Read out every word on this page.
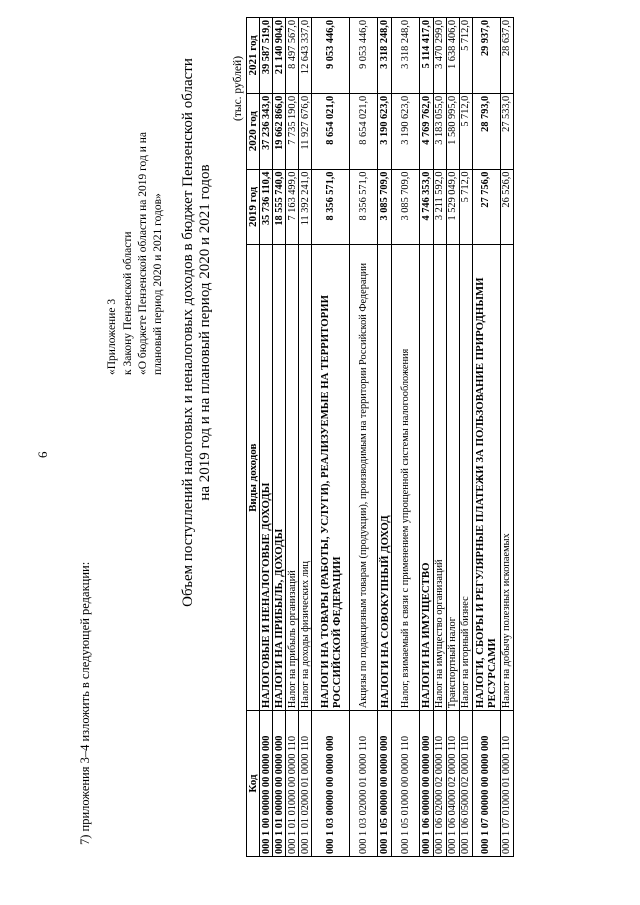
6
7) приложения 3–4 изложить в следующей редакции:
«Приложение 3 к Закону Пензенской области «О бюджете Пензенской области на 2019 год и на плановый период 2020 и 2021 годов» Объем поступлений налоговых и неналоговых доходов в бюджет Пензенской области на 2019 год и на плановый период 2020 и 2021 годов
(тыс. рублей)
Код	Виды доходов	2019 год	2020 год	2021 год
000 1 00 00000 00 0000 000	НАЛОГОВЫЕ И НЕНАЛОГОВЫЕ ДОХОДЫ	35 736 110,4	37 236 343,0	39 587 519,0
000 1 01 00000 00 0000 000	НАЛОГИ НА ПРИБЫЛЬ, ДОХОДЫ	18 555 740,0	19 662 866,0	21 140 904,0
000 1 01 01000 00 0000 110	Налог на прибыль организаций	7 163 499,0	7 735 190,0	8 497 567,0
000 1 01 02000 01 0000 110	Налог на доходы физических лиц	11 392 241,0	11 927 676,0	12 643 337,0
000 1 03 00000 00 0000 000	НАЛОГИ НА ТОВАРЫ (РАБОТЫ, УСЛУГИ), РЕАЛИЗУЕМЫЕ НА ТЕРРИТОРИИ РОССИЙСКОЙ ФЕДЕРАЦИИ	8 356 571,0	8 654 021,0	9 053 446,0
000 1 03 02000 01 0000 110	Акцизы по подакцизным товарам (продукции), производимым на территории Российской Федерации	8 356 571,0	8 654 021,0	9 053 446,0
000 1 05 00000 00 0000 000	НАЛОГИ НА СОВОКУПНЫЙ ДОХОД	3 085 709,0	3 190 623,0	3 318 248,0
000 1 05 01000 00 0000 110	Налог, взимаемый в связи с применением упрощенной системы налогообложения	3 085 709,0	3 190 623,0	3 318 248,0
000 1 06 00000 00 0000 000	НАЛОГИ НА ИМУЩЕСТВО	4 746 353,0	4 769 762,0	5 114 417,0
000 1 06 02000 02 0000 110	Налог на имущество организаций	3 211 592,0	3 183 055,0	3 470 299,0
000 1 06 04000 02 0000 110	Транспортный налог	1 529 049,0	1 580 995,0	1 638 406,0
000 1 06 05000 02 0000 110	Налог на игорный бизнес	5 712,0	5 712,0	5 712,0
000 1 07 00000 00 0000 000	НАЛОГИ, СБОРЫ И РЕГУЛЯРНЫЕ ПЛАТЕЖИ ЗА ПОЛЬЗОВАНИЕ ПРИРОДНЫМИ РЕСУРСАМИ	27 756,0	28 793,0	29 937,0
000 1 07 01000 01 0000 110	Налог на добычу полезных ископаемых	26 526,0	27 533,0	28 637,0
